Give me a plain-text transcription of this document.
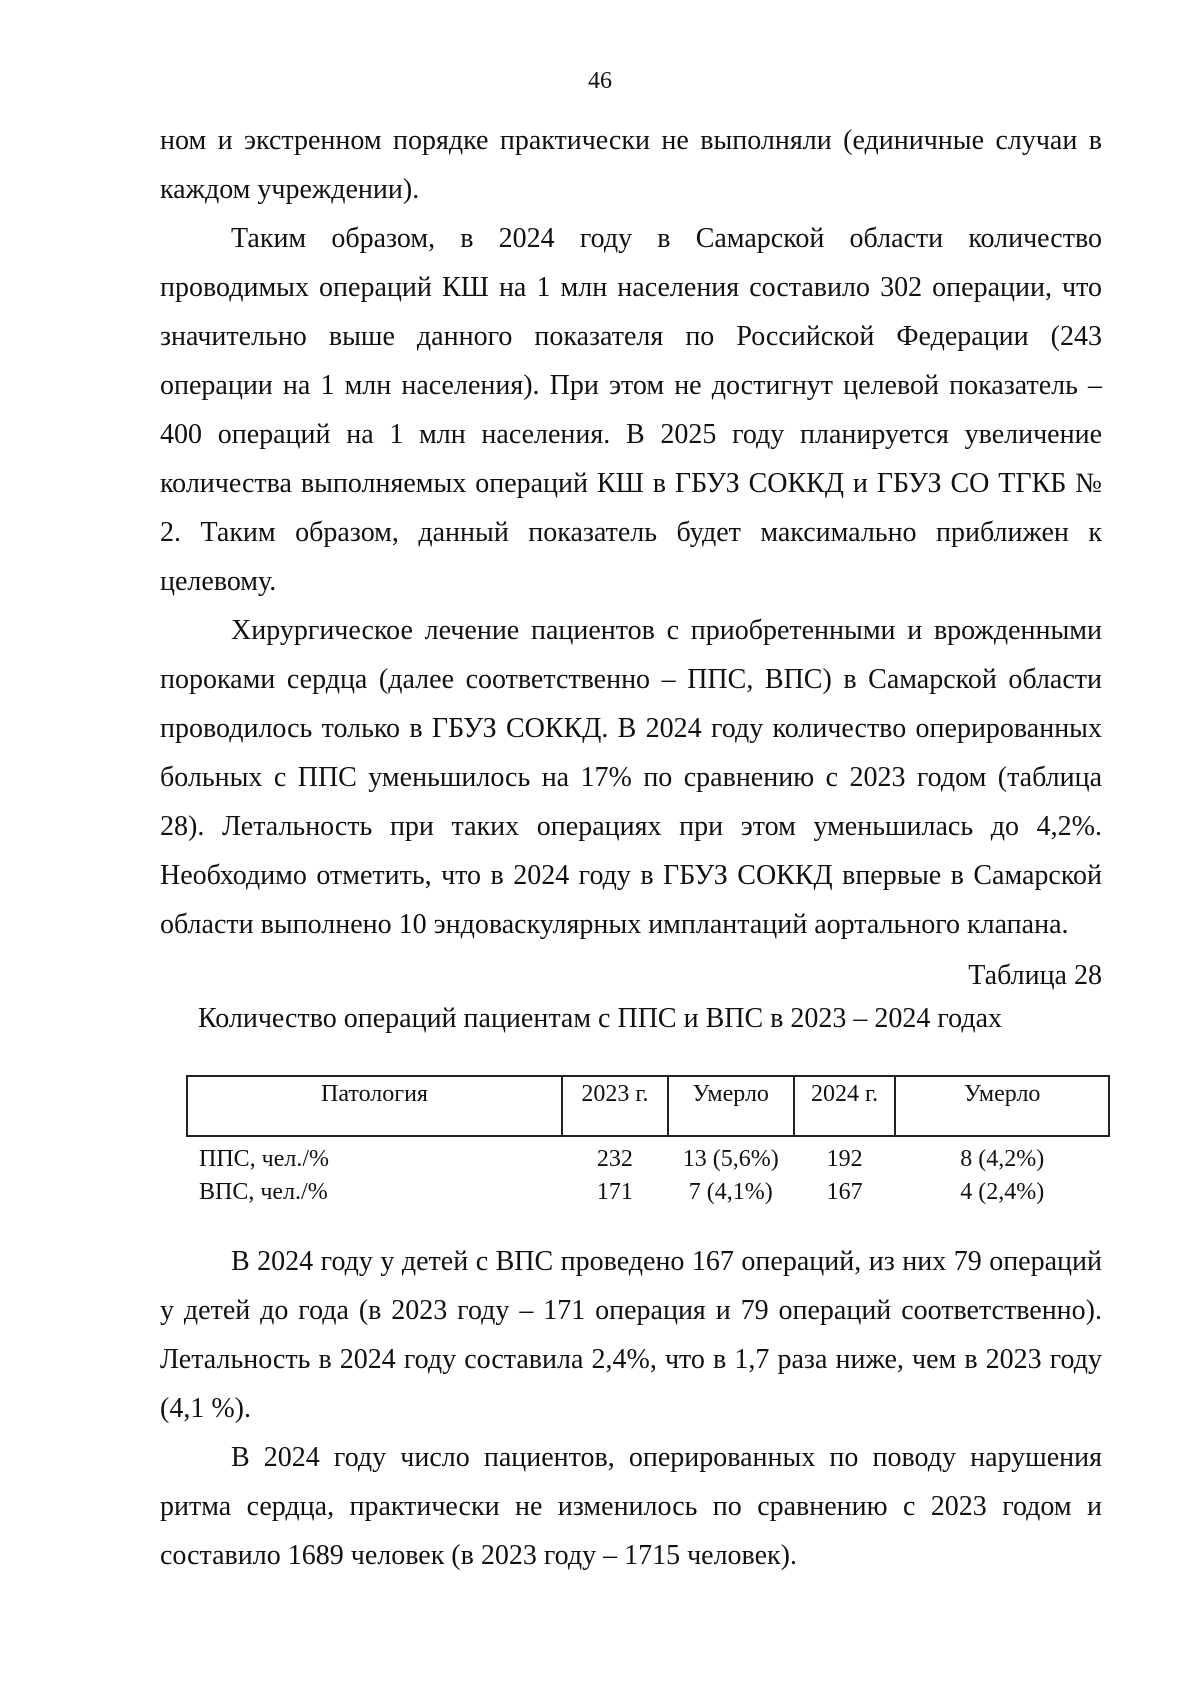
46

ном и экстренном порядке практически не выполняли (единичные случаи в каждом учреждении).

Таким образом, в 2024 году в Самарской области количество проводимых операций КШ на 1 млн населения составило 302 операции, что значительно выше данного показателя по Российской Федерации (243 операции на 1 млн населения). При этом не достигнут целевой показатель – 400 операций на 1 млн населения. В 2025 году планируется увеличение количества выполняемых операций КШ в ГБУЗ СОККД и ГБУЗ СО ТГКБ № 2. Таким образом, данный показатель будет максимально приближен к целевому.

Хирургическое лечение пациентов с приобретенными и врожденными пороками сердца (далее соответственно – ППС, ВПС) в Самарской области проводилось только в ГБУЗ СОККД. В 2024 году количество оперированных больных с ППС уменьшилось на 17% по сравнению с 2023 годом (таблица 28). Летальность при таких операциях при этом уменьшилась до 4,2%. Необходимо отметить, что в 2024 году в ГБУЗ СОККД впервые в Самарской области выполнено 10 эндоваскулярных имплантаций аортального клапана.

Таблица 28
Количество операций пациентам с ППС и ВПС в 2023 – 2024 годах
Патология	2023 г.	Умерло	2024 г.	Умерло
ППС, чел./%	232	13 (5,6%)	192	8 (4,2%)
ВПС, чел./%	171	7 (4,1%)	167	4 (2,4%)

В 2024 году у детей с ВПС проведено 167 операций, из них 79 операций у детей до года (в 2023 году – 171 операция и 79 операций соответственно). Летальность в 2024 году составила 2,4%, что в 1,7 раза ниже, чем в 2023 году (4,1 %).

В 2024 году число пациентов, оперированных по поводу нарушения ритма сердца, практически не изменилось по сравнению с 2023 годом и составило 1689 человек (в 2023 году – 1715 человек).
